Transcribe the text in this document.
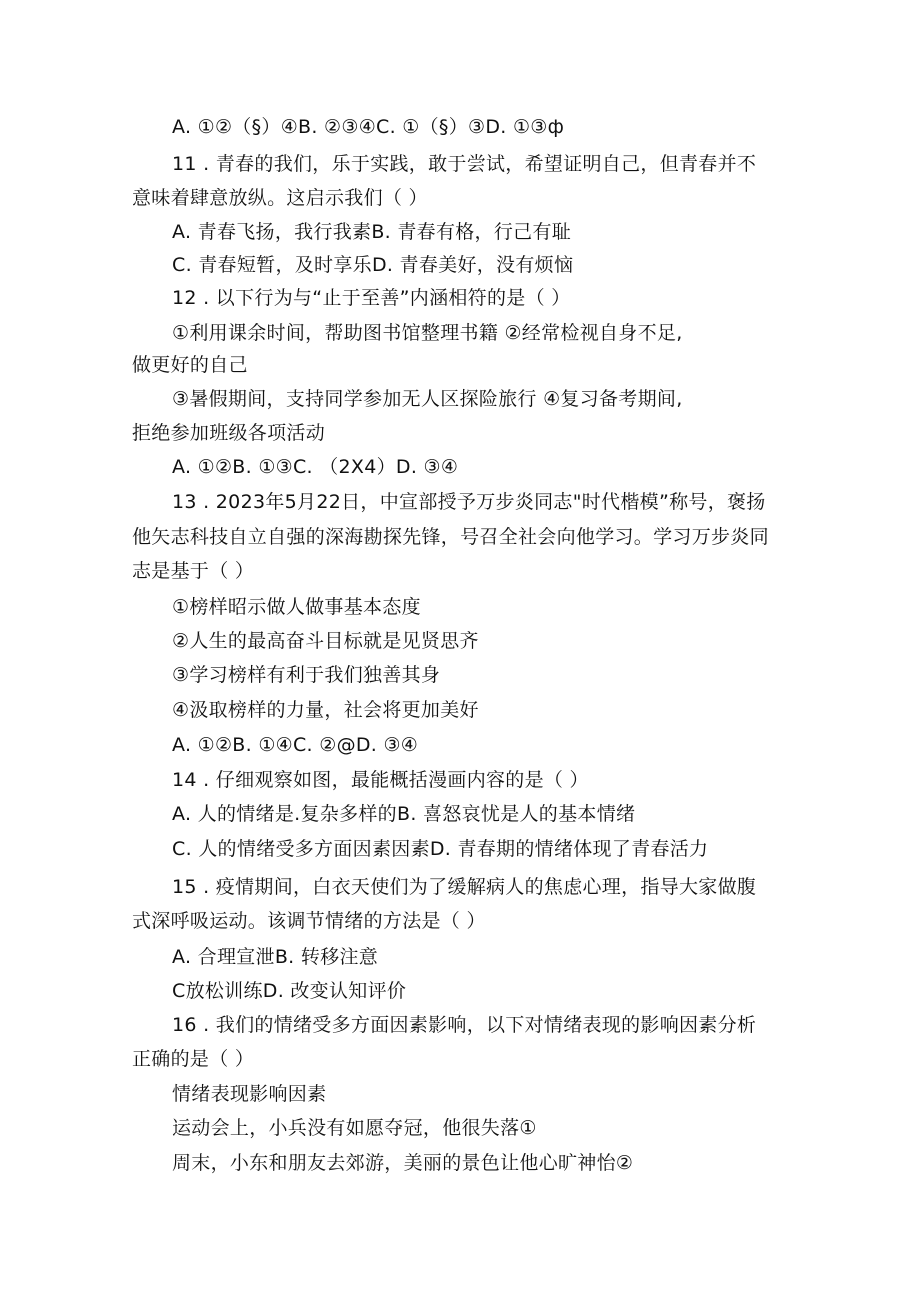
A. ①②（§）④B. ②③④C. ①（§）③D. ①③ф
11 . 青春的我们，乐于实践，敢于尝试，希望证明自己，但青春并不
意味着肆意放纵。这启示我们（ ）
A. 青春飞扬，我行我素B. 青春有格，行己有耻
C. 青春短暂，及时享乐D. 青春美好，没有烦恼
12 . 以下行为与“止于至善”内涵相符的是（ ）
①利用课余时间，帮助图书馆整理书籍 ②经常检视自身不足,
做更好的自己
③暑假期间，支持同学参加无人区探险旅行 ④复习备考期间,
拒绝参加班级各项活动
A. ①②B. ①③C. （2X4）D. ③④
13 . 2023年5月22日，中宣部授予万步炎同志"时代楷模”称号，褒扬
他矢志科技自立自强的深海勘探先锋，号召全社会向他学习。学习万步炎同
志是基于（ ）
①榜样昭示做人做事基本态度
②人生的最高奋斗目标就是见贤思齐
③学习榜样有利于我们独善其身
④汲取榜样的力量，社会将更加美好
A. ①②B. ①④C. ②@D. ③④
14 . 仔细观察如图，最能概括漫画内容的是（ ）
A. 人的情绪是.复杂多样的B. 喜怒哀忧是人的基本情绪
C. 人的情绪受多方面因素因素D. 青春期的情绪体现了青春活力
15 . 疫情期间，白衣天使们为了缓解病人的焦虑心理，指导大家做腹
式深呼吸运动。该调节情绪的方法是（ ）
A. 合理宣泄B. 转移注意
C放松训练D. 改变认知评价
16 . 我们的情绪受多方面因素影响，以下对情绪表现的影响因素分析
正确的是（ ）
情绪表现影响因素
运动会上，小兵没有如愿夺冠，他很失落①
周末，小东和朋友去郊游，美丽的景色让他心旷神怡②
